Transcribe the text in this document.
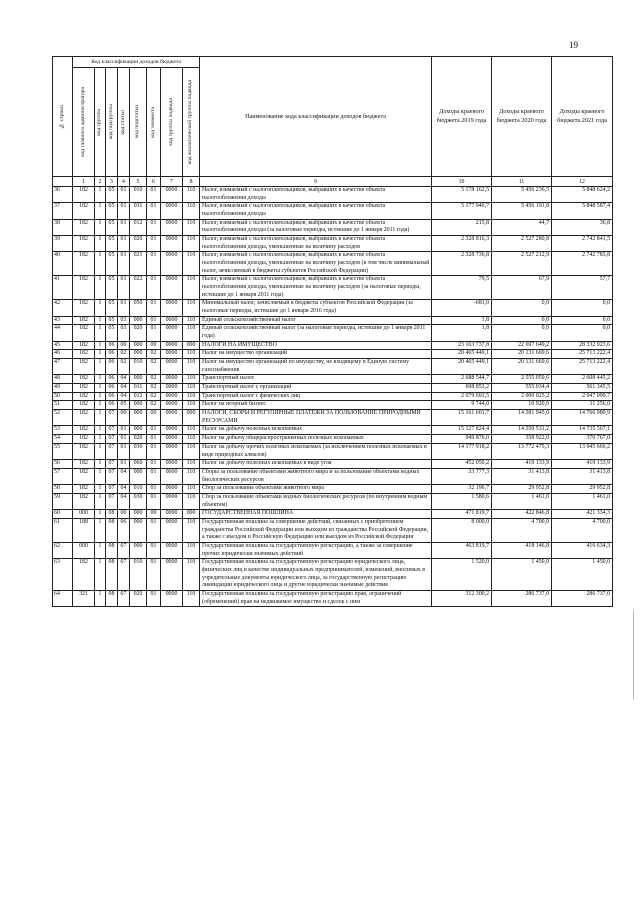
19
№ строки	Код классификации доходов бюджета								Наименование кода классификации доходов бюджета	Доходы краевого бюджета 2019 года	Доходы краевого бюджета 2020 года	Доходы краевого бюджета 2021 года

	код главного администратора	код группы	код подгруппы	код статьи	код подстатьи	код элемента	код группы подвида	код аналитической группы подвида				

	1	2	3	4	5	6	7	8	9	10	11	12
36	182	1	05	01	010	01	0000	110	Налог, взимаемый с налогоплательщиков, выбравших в качестве объекта налогообложения доходы	5 178 162,5	5 456 236,5	5 848 624,2
37	182	1	05	01	011	01	0000	110	Налог, взимаемый с налогоплательщиков, выбравших в качестве объекта налогообложения доходы	5 177 946,7	5 456 191,8	5 848 587,4
38	182	1	05	01	012	01	0000	110	Налог, взимаемый с налогоплательщиков, выбравших в качестве объекта налогообложения доходы (за налоговые периоды, истекшие до 1 января 2011 года)	215,8	44,7	36,8
39	182	1	05	01	020	01	0000	110	Налог, взимаемый с налогоплательщиков, выбравших в качестве объекта налогообложения доходы, уменьшенные на величину расходов	2 328 816,3	2 527 280,8	2 742 841,5
40	182	1	05	01	021	01	0000	110	Налог, взимаемый с налогоплательщиков, выбравших в качестве объекта налогообложения доходы, уменьшенные на величину расходов (в том числе минимальный налог, зачисляемый в бюджеты субъектов Российской Федерации)	2 328 736,8	2 527 212,9	2 742 783,8
41	182	1	05	01	022	01	0000	110	Налог, взимаемый с налогоплательщиков, выбравших в качестве объекта налогообложения доходы, уменьшенные на величину расходов (за налоговые периоды, истекшие до 1 января 2011 года)	79,5	67,9	57,7
42	182	1	05	01	050	01	0000	110	Минимальный налог, зачисляемый в бюджеты субъектов Российской Федерации (за налоговые периоды, истекшие до 1 января 2016 года)	-681,0	0,0	0,0
43	182	1	05	03	000	01	0000	110	Единый сельскохозяйственный налог	1,8	0,0	0,0
44	182	1	05	03	020	01	0000	110	Единый сельскохозяйственный налог (за налоговые периоды, истекшие до 1 января 2011 года)	1,8	0,0	0,0
45	182	1	06	00	000	00	0000	000	НАЛОГИ НА ИМУЩЕСТВО	23 163 737,8	22 697 649,2	28 332 923,6
46	182	1	06	02	000	02	0000	110	Налог на имущество организаций	20 465 449,1	20 131 669,6	25 713 222,4
47	182	1	06	02	010	02	0000	110	Налог на имущество организаций по имуществу, не входящему в Единую систему газоснабжения	20 465 449,1	20 131 669,6	25 713 222,4
48	182	1	06	04	000	02	0000	110	Транспортный налог	2 688 544,7	2 555 059,6	2 608 445,2
49	182	1	06	04	011	02	0000	110	Транспортный налог с организаций	608 853,2	555 034,4	561 345,5
50	182	1	06	04	012	02	0000	110	Транспортный налог с физических лиц	2 079 691,5	2 000 025,2	2 047 099,7
51	182	1	06	05	000	02	0000	110	Налог на игорный бизнес	9 744,0	10 920,0	11 256,0
52	182	1	07	00	000	00	0000	000	НАЛОГИ, СБОРЫ И РЕГУЛЯРНЫЕ ПЛАТЕЖИ ЗА ПОЛЬЗОВАНИЕ ПРИРОДНЫМИ РЕСУРСАМИ	15 161 601,7	14 581 945,0	14 766 980,9
53	182	1	07	01	000	01	0000	110	Налог на добычу полезных ископаемых	15 127 824,4	14 550 531,2	14 735 567,1
54	182	1	07	01	020	01	0000	110	Налог на добычу общераспространенных полезных ископаемых	949 876,0	358 922,0	370 767,0
55	182	1	07	01	030	01	0000	110	Налог на добычу прочих полезных ископаемых (за исключением полезных ископаемых в виде природных алмазов)	14 177 918,2	13 772 475,3	13 945 666,2
56	182	1	07	01	060	01	0000	110	Налог на добычу полезных ископаемых в виде угля	452 050,2	419 133,9	419 133,9
57	182	1	07	04	000	01	0000	110	Сборы за пользование объектами животного мира и за пользование объектами водных биологических ресурсов	33 777,3	31 413,8	31 413,8
58	182	1	07	04	010	01	0000	110	Сбор за пользование объектами животного мира	32 196,7	29 952,8	29 952,8
59	182	1	07	04	030	01	0000	110	Сбор за пользование объектами водных биологических ресурсов (по внутренним водным объектам)	1 580,6	1 461,0	1 461,0
60	000	1	08	00	000	00	0000	000	ГОСУДАРСТВЕННАЯ ПОШЛИНА	471 819,7	422 846,8	421 334,3
61	188	1	08	06	000	01	0000	110	Государственная пошлина за совершение действий, связанных с приобретением гражданства Российской Федерации или выходом из гражданства Российской Федерации, а также с въездом в Российскую Федерацию или выездом из Российской Федерации	8 000,0	4 700,0	4 700,0
62	000	1	08	07	000	01	0000	110	Государственная пошлина за государственную регистрацию, а также за совершение прочих юридически значимых действий	463 819,7	418 146,8	416 634,3
63	182	1	08	07	010	01	0000	110	Государственная пошлина за государственную регистрацию юридического лица, физических лиц в качестве индивидуальных предпринимателей, изменений, вносимых в учредительные документы юридического лица, за государственную регистрацию ликвидации юридического лица и другие юридически значимые действия	1 520,0	1 450,0	1 450,0
64	321	1	08	07	020	01	0000	110	Государственная пошлина за государственную регистрацию прав, ограничений (обременений) прав на недвижимое имущество и сделок с ним	312 300,2	286 737,0	286 737,0
